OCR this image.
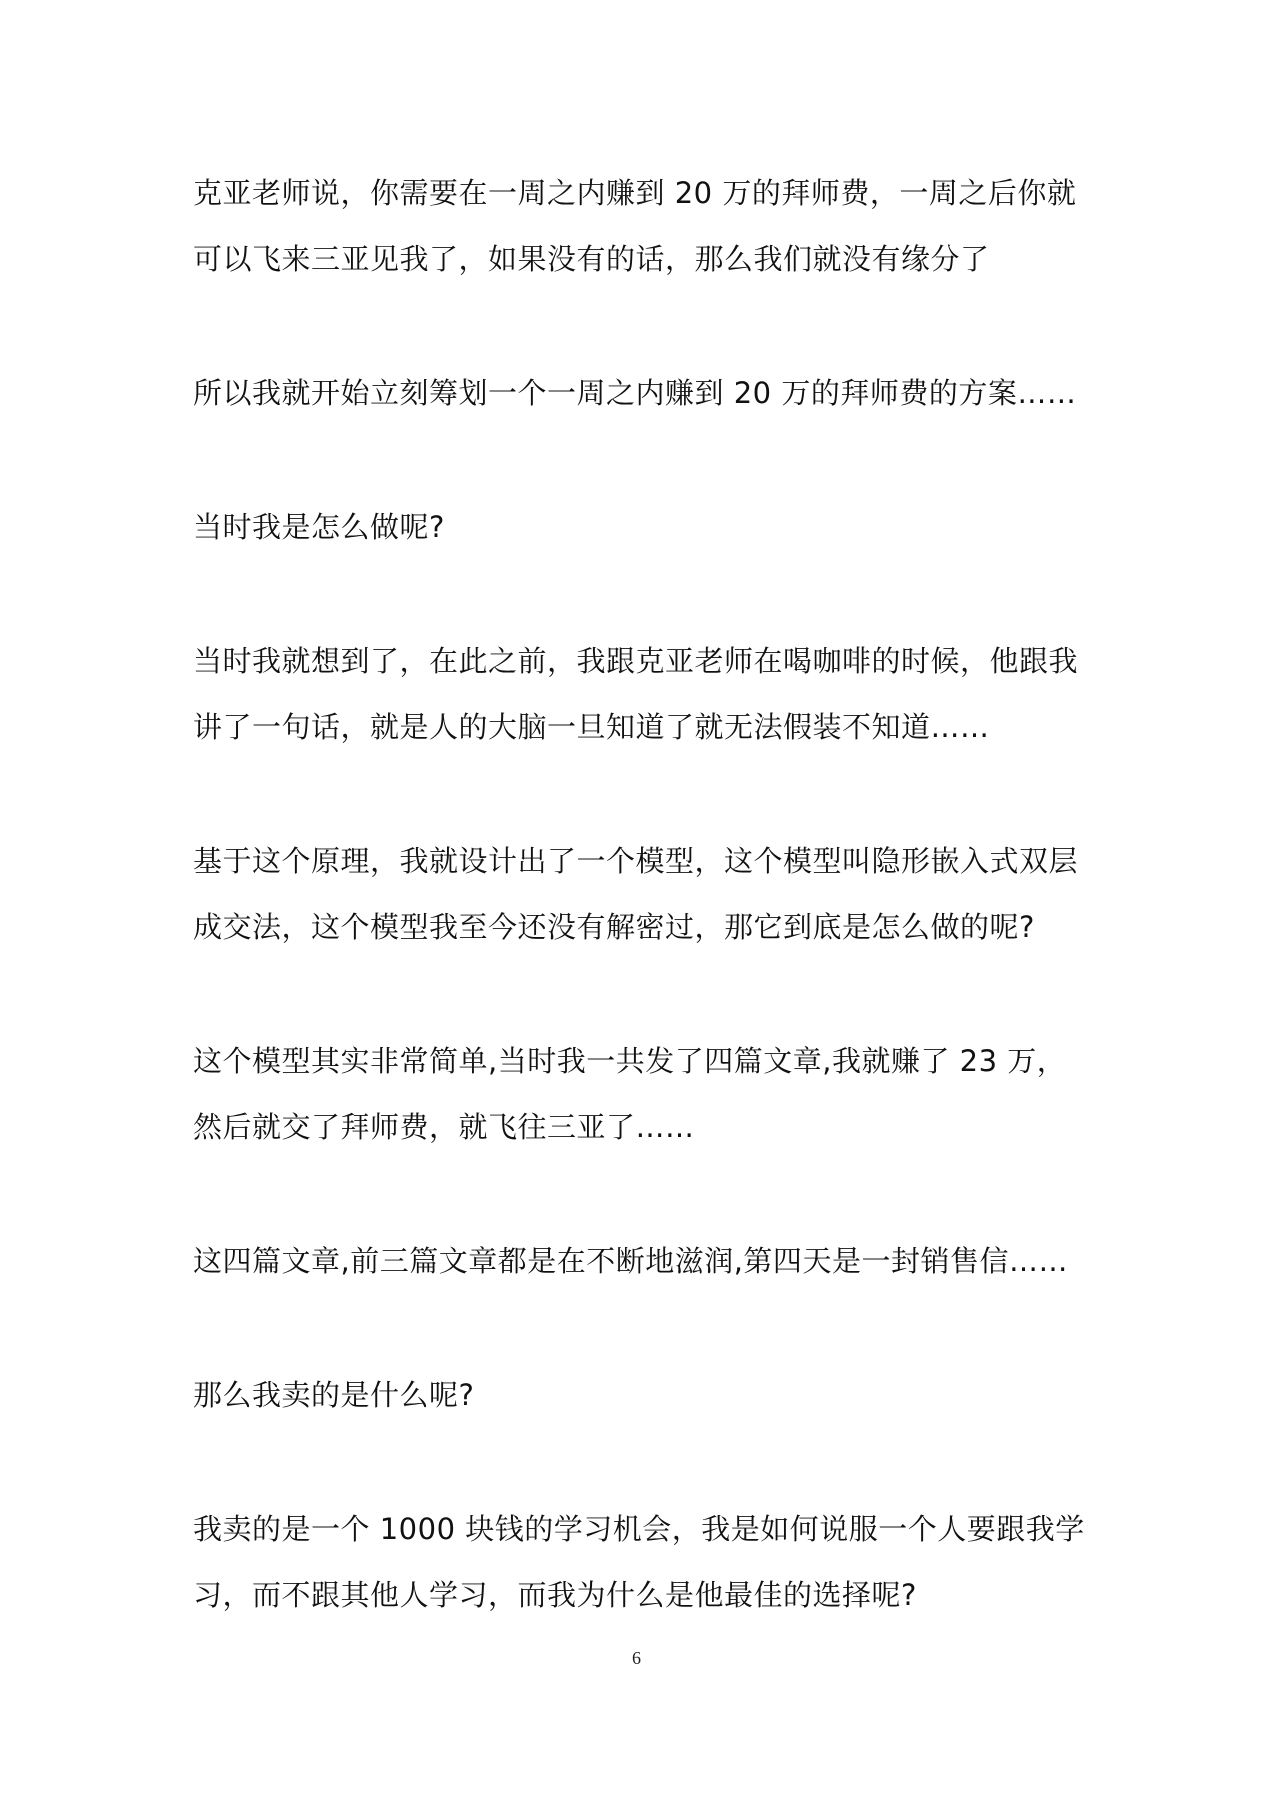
克亚老师说，你需要在一周之内赚到 20 万的拜师费，一周之后你就
可以飞来三亚见我了，如果没有的话，那么我们就没有缘分了

所以我就开始立刻筹划一个一周之内赚到 20 万的拜师费的方案……

当时我是怎么做呢?

当时我就想到了，在此之前，我跟克亚老师在喝咖啡的时候，他跟我
讲了一句话，就是人的大脑一旦知道了就无法假装不知道……

基于这个原理，我就设计出了一个模型，这个模型叫隐形嵌入式双层
成交法，这个模型我至今还没有解密过，那它到底是怎么做的呢?

这个模型其实非常简单,当时我一共发了四篇文章,我就赚了 23 万，
然后就交了拜师费，就飞往三亚了……

这四篇文章,前三篇文章都是在不断地滋润,第四天是一封销售信……

那么我卖的是什么呢?

我卖的是一个 1000 块钱的学习机会，我是如何说服一个人要跟我学
习，而不跟其他人学习，而我为什么是他最佳的选择呢?

6
